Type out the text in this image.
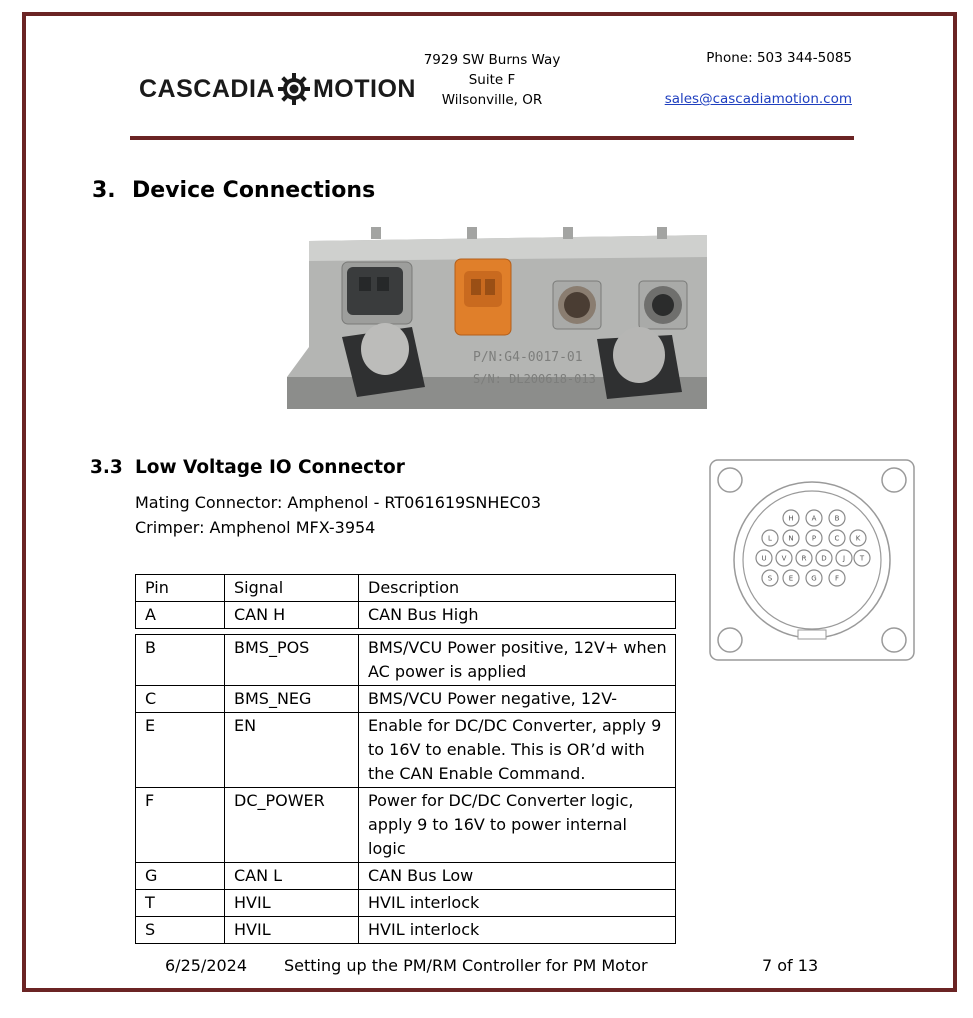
CASCADIA MOTION
7929 SW Burns Way
Suite F
Wilsonville, OR
Phone: 503 344-5085
sales@cascadiamotion.com
3. Device Connections
P/N:G4-0017-01
S/N: DL200618-013
3.3 Low Voltage IO Connector
Mating Connector: Amphenol - RT061619SNHEC03
Crimper: Amphenol MFX-3954	H	A	B
L N	P	C K
U V R D J T
S E	G	F
Pin	Signal	Description
A	CAN H	CAN Bus High
B	BMS_POS	BMS/VCU Power positive, 12V+ when AC power is applied
C	BMS_NEG	BMS/VCU Power negative, 12V-
E	EN	Enable for DC/DC Converter, apply 9 to 16V to enable. This is OR’d with the CAN Enable Command.
F	DC_POWER	Power for DC/DC Converter logic, apply 9 to 16V to power internal logic
G	CAN L	CAN Bus Low
T	HVIL	HVIL interlock
S	HVIL	HVIL interlock
6/25/2024 Setting up the PM/RM Controller for PM Motor	7 of 13
